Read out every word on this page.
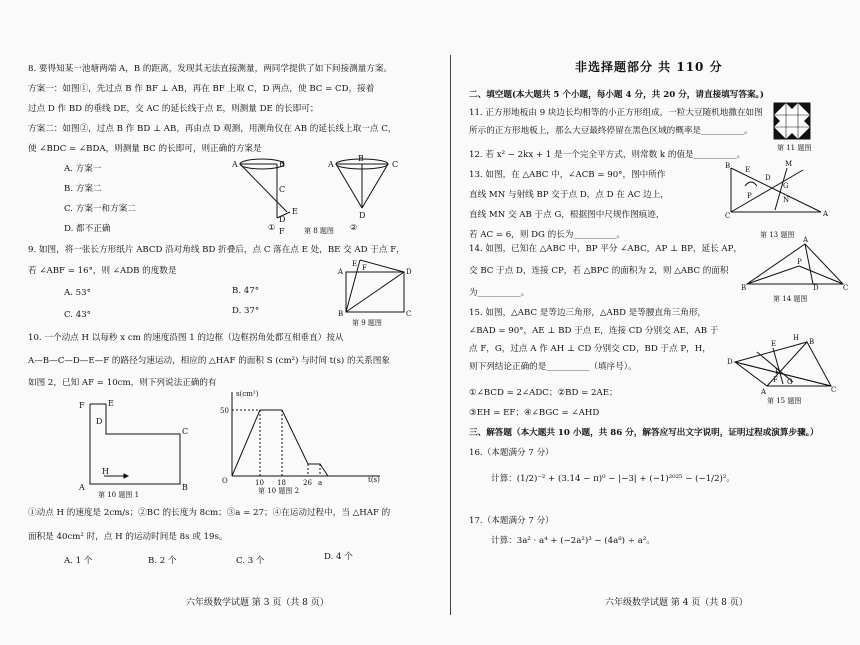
8. 要得知某一池塘两端 A，B 的距离，发现其无法直接测量，两同学提供了如下间接测量方案。
方案一：如图①，先过点 B 作 BF ⊥ AB，再在 BF 上取 C，D 两点，使 BC = CD，接着
过点 D 作 BD 的垂线 DE，交 AC 的延长线于点 E，则测量 DE 的长即可；
方案二：如图②，过点 B 作 BD ⊥ AB，再由点 D 观测，用测角仪在 AB 的延长线上取一点 C，
使 ∠BDC = ∠BDA，则测量 BC 的长即可，则正确的方案是
A. 方案一
B. 方案二
C. 方案一和方案二
D. 都不正确
A	B
C
E
D
F
A
B
C
D
①	②
第 8 题图
9. 如图，将一张长方形纸片 ABCD 沿对角线 BD 折叠后，点 C 落在点 E 处，BE 交 AD 于点 F，
若 ∠ABF = 16°，则 ∠ADB 的度数是
A. 53°	B. 47°
C. 43°	D. 37°
A
E F	D
B	C
第 9 题图
10. 一个动点 H 以每秒 x cm 的速度沿图 1 的边框（边框拐角处都互相垂直）按从
A—B—C—D—E—F 的路径匀速运动，相应的 △HAF 的面积 S (cm²) 与时间 t(s) 的关系图象
如图 2，已知 AF = 10cm，则下列说法正确的有
F	E
D
C
A	B
H
第 10 题图 1
s(cm²)
t(s)
50
10 18 26 a
O
第 10 题图 2
①动点 H 的速度是 2cm/s；②BC 的长度为 8cm；③a = 27；④在运动过程中，当 △HAF 的
面积是 40cm² 时，点 H 的运动时间是 8s 或 19s。
A. 1 个	B. 2 个	C. 3 个	D. 4 个
六年级数学试题 第 3 页（共 8 页）
非选择题部分 共 110 分
二、填空题(本大题共 5 个小题，每小题 4 分，共 20 分，请直接填写答案。)
11. 正方形地板由 9 块边长均相等的小正方形组成，一粒大豆随机地撒在如图
所示的正方形地板上，那么大豆最终停留在黑色区域的概率是__________。
第 11 题图
12. 若 x² − 2kx + 1 是一个完全平方式，则常数 k 的值是__________。
13. 如图，在 △ABC 中，∠ACB = 90°，图中所作
直线 MN 与射线 BP 交于点 D，点 D 在 AC 边上，
直线 MN 交 AB 于点 G，根据图中尺规作图痕迹，
若 AC = 6，则 DG 的长为__________。
B E
D
G
M
P	N
C	A
第 13 题图
14. 如图，已知在 △ABC 中，BP 平分 ∠ABC，AP ⊥ BP，延长 AP，
交 BC 于点 D，连接 CP，若 △BPC 的面积为 2，则 △ABC 的面积
为__________。	B
A
P
D	C
第 14 题图
15. 如图，△ABC 是等边三角形，△ABD 是等腰直角三角形，
∠BAD = 90°，AE ⊥ BD 于点 E，连接 CD 分别交 AE，AB 于
点 F，G，过点 A 作 AH ⊥ CD 分别交 CD，BD 于点 P，H，
则下列结论正确的是__________（填序号）。
①∠BCD = 2∠ADC；②BD = 2AE；
③EH = EF；④∠BGC = ∠AHD
D
E
H B
P
F G
A	C
第 15 题图
三、解答题（本大题共 10 小题，共 86 分，解答应写出文字说明，证明过程或演算步骤。）
16.（本题满分 7 分）
计算：(1/2)⁻² + (3.14 − π)⁰ − |−3| + (−1)²⁰²⁵ − (−1/2)²。
17.（本题满分 7 分）
计算：3a² · a⁴ + (−2a²)³ − (4a⁸) ÷ a²。
六年级数学试题 第 4 页（共 8 页）
